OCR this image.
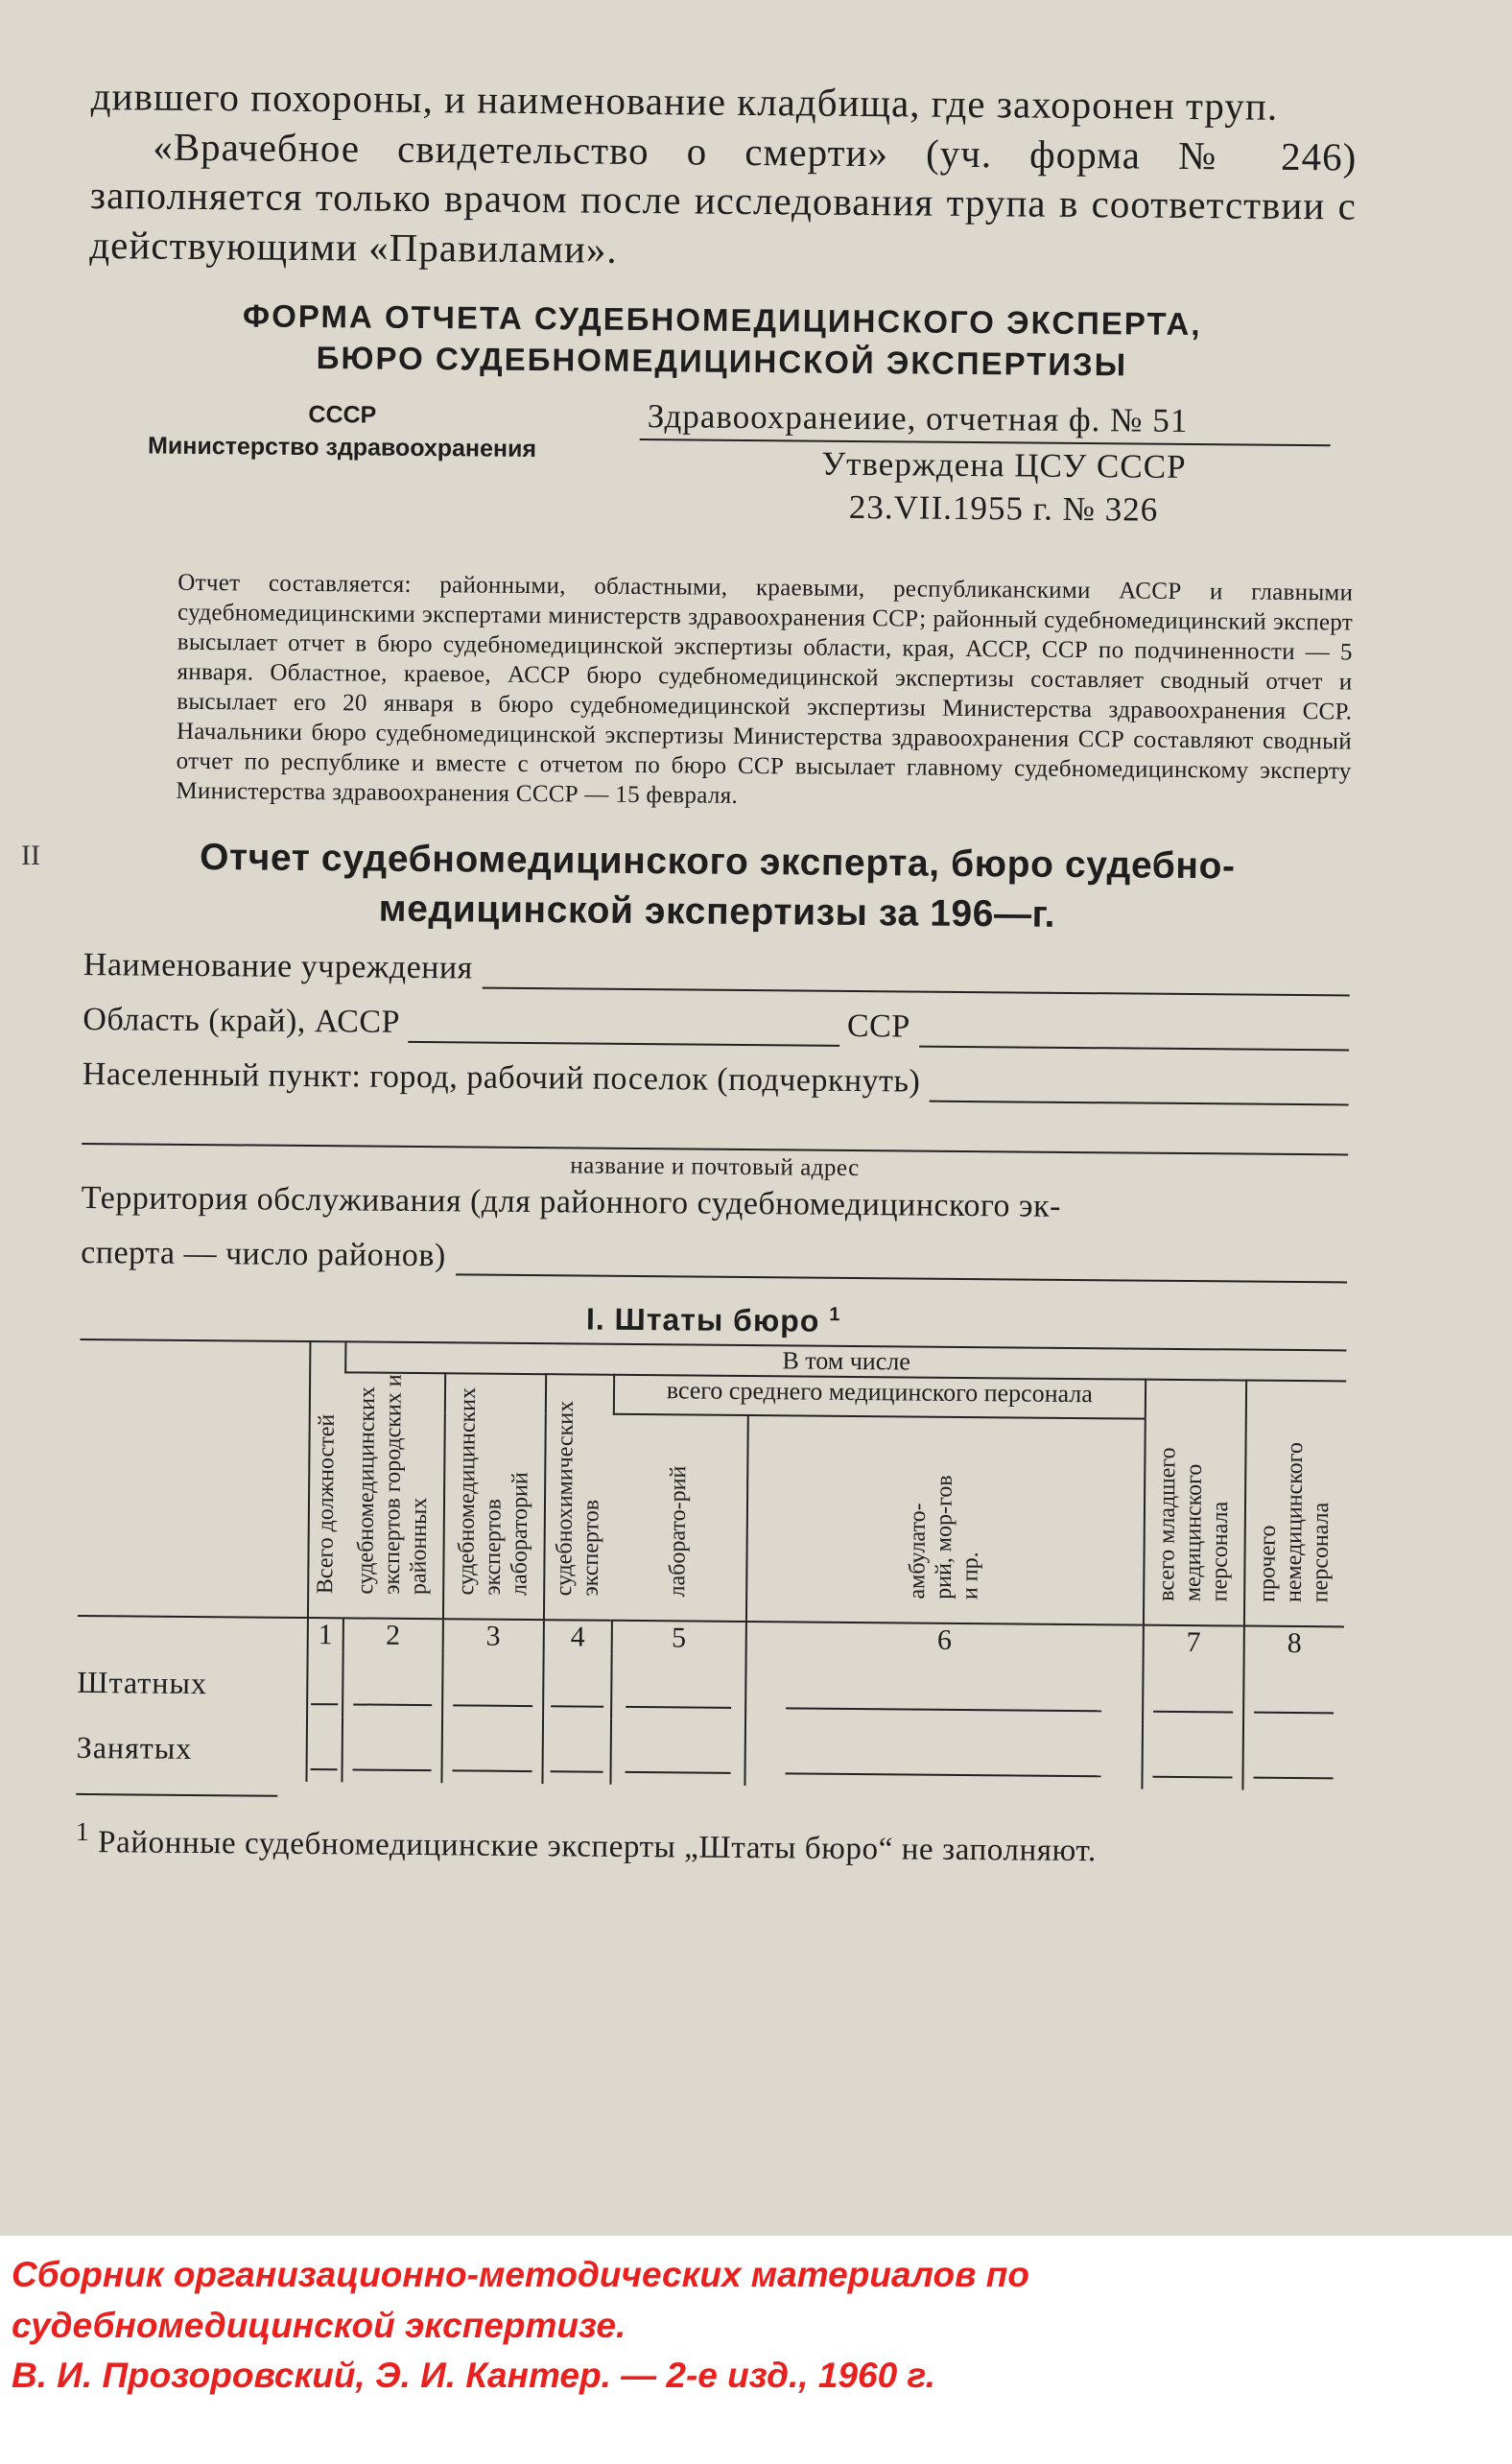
II

дившего похороны, и наименование кладбища, где захоронен труп.

«Врачебное свидетельство о смерти» (уч. форма № 246) заполняется только врачом после исследования трупа в соответствии с действующими «Правилами».

ФОРМА ОТЧЕТА СУДЕБНОМЕДИЦИНСКОГО ЭКСПЕРТА,
БЮРО СУДЕБНОМЕДИЦИНСКОЙ ЭКСПЕРТИЗЫ
СССР
Министерство здравоохранения
Здравоохранеиие, отчетная ф. № 51
Утверждена ЦСУ СССР
23.VII.1955 г. № 326

Отчет составляется: районными, областными, краевыми, республиканскими АССР и главными судебномедицинскими экспертами министерств здравоохранения ССР; районный судебномедицинский эксперт высылает отчет в бюро судебномедицинской экспертизы области, края, АССР, ССР по подчиненности — 5 января. Областное, краевое, АССР бюро судебномедицинской экспертизы составляет сводный отчет и высылает его 20 января в бюро судебномедицинской экспертизы Министерства здравоохранения ССР. Начальники бюро судебномедицинской экспертизы Министерства здравоохранения ССР составляют сводный отчет по республике и вместе с отчетом по бюро ССР высылает главному судебномедицинскому эксперту Министерства здравоохранения СССР — 15 февраля.

Отчет судебномедицинского эксперта, бюро судебно-
медицинской экспертизы за 196—г.
Наименование учреждения
Область (край), АССР	ССР
Населенный пункт: город, рабочий поселок (подчеркнуть)
название и почтовый адрес
Территория обслуживания (для районного судебномедицинского эк-
сперта — число районов)
I. Штаты бюро $^1$

	Всего должностей	В том числе						

		судебномедицинских экспертов городских и районных	судебномедицинских экспертов лабораторий	судебнохимических экспертов	всего среднего медицинского персонала		всего младшего медицинского персонала	прочего немедицинского персонала

					лаборато-рий	амбулато-рий, мор-гов и пр.		

	1	2	3	4	5	6	7	8
Штатных	

Занятых	

$^1$ Районные судебномедицинские эксперты „Штаты бюро“ не заполняют.

Сборник организационно-методических материалов по
судебномедицинской экспертизе.
В. И. Прозоровский, Э. И. Кантер. — 2-е изд., 1960 г.
